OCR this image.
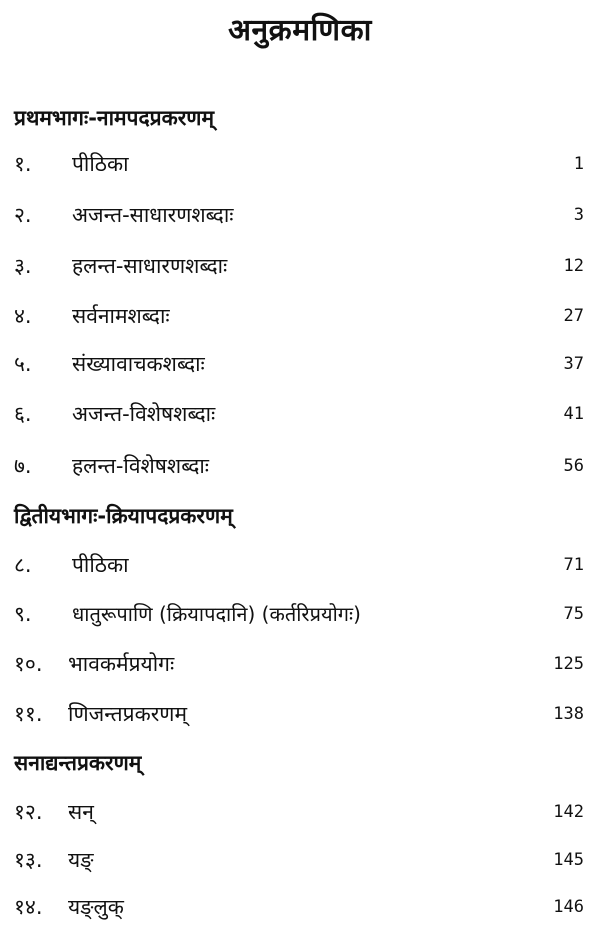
अनुक्रमणिका
प्रथमभागः-नामपदप्रकरणम्
१. पीठिका	1
२. अजन्त-साधारणशब्दाः	3
३. हलन्त-साधारणशब्दाः	12
४. सर्वनामशब्दाः	27
५. संख्यावाचकशब्दाः	37
६. अजन्त-विशेषशब्दाः	41
७. हलन्त-विशेषशब्दाः	56
द्वितीयभागः-क्रियापदप्रकरणम्
८. पीठिका	71
९. धातुरूपाणि (क्रियापदानि) (कर्तरिप्रयोगः)	75
१०. भावकर्मप्रयोगः	125
११. णिजन्तप्रकरणम्	138
सनाद्यन्तप्रकरणम्
१२. सन्	142
१३. यङ्	145
१४. यङ्लुक्	146
